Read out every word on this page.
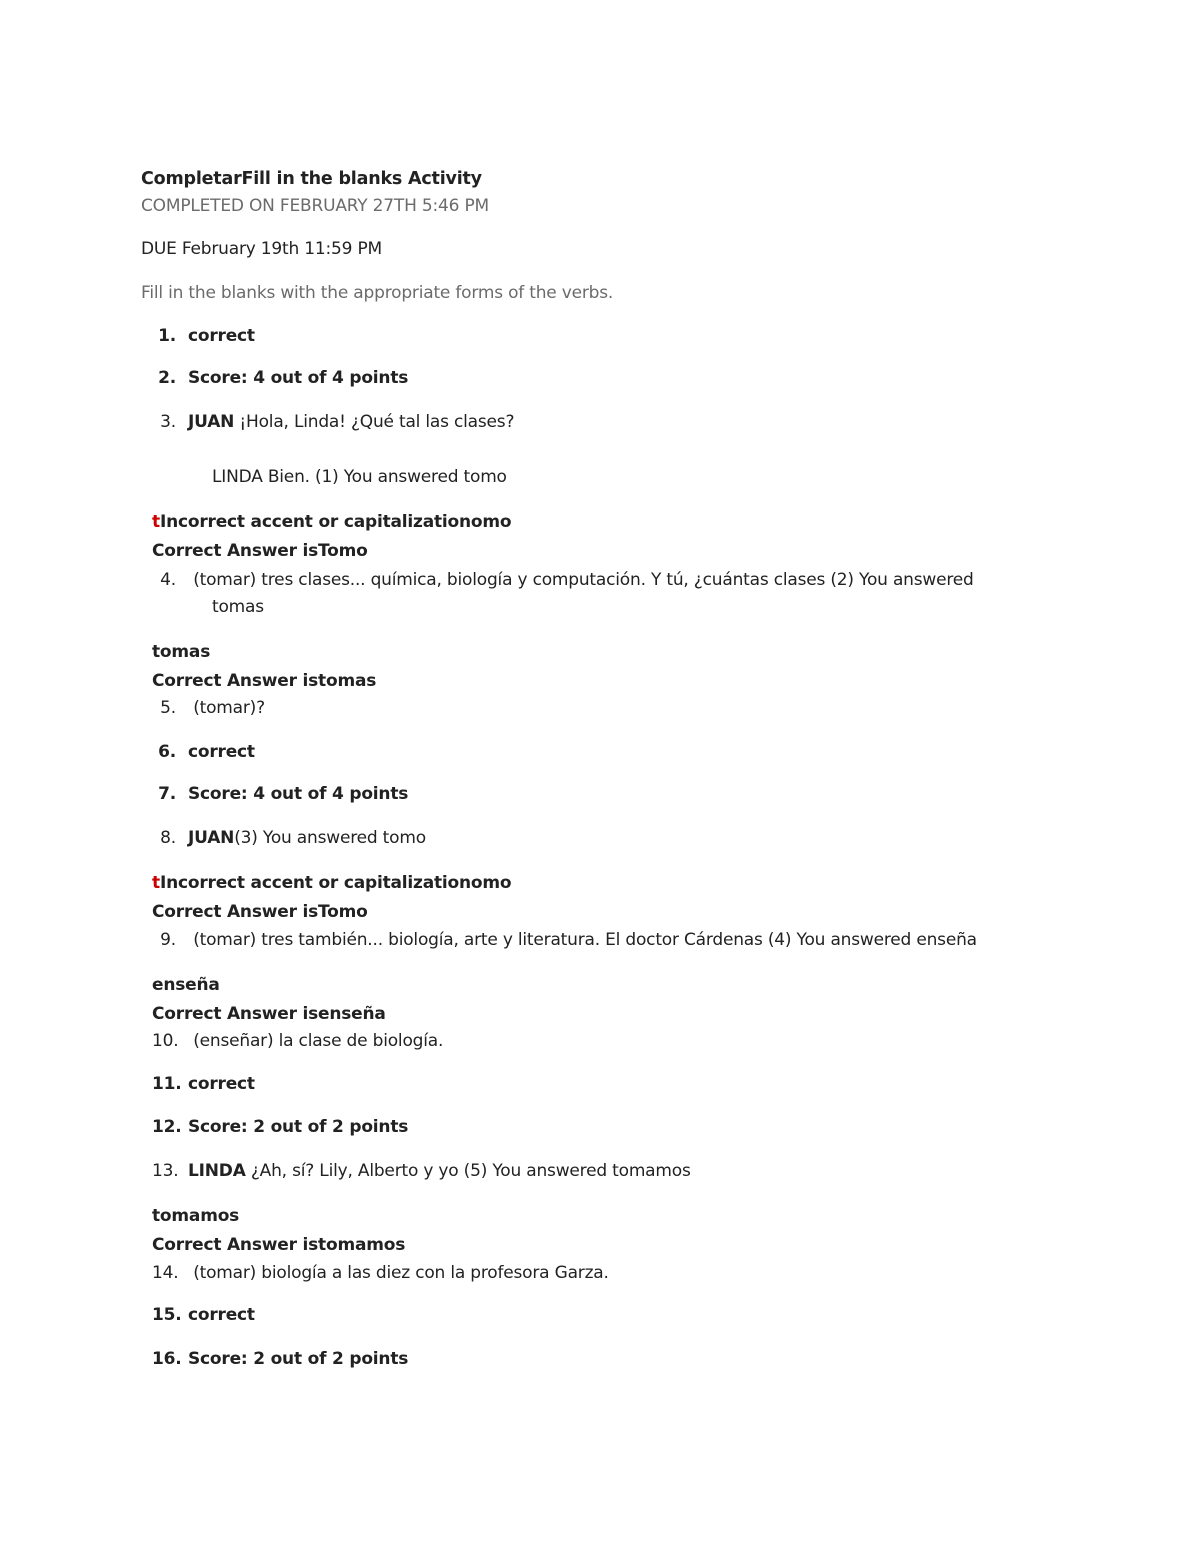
CompletarFill in the blanks Activity
COMPLETED ON FEBRUARY 27TH 5:46 PM
DUE February 19th 11:59 PM
Fill in the blanks with the appropriate forms of the verbs.
1. correct
2. Score: 4 out of 4 points
3. JUAN ¡Hola, Linda! ¿Qué tal las clases?
LINDA Bien. (1) You answered tomo
tIncorrect accent or capitalizationomo
Correct Answer isTomo
4. (tomar) tres clases... química, biología y computación. Y tú, ¿cuántas clases (2) You answered
tomas
tomas
Correct Answer istomas
5. (tomar)?
6. correct
7. Score: 4 out of 4 points
8. JUAN(3) You answered tomo
tIncorrect accent or capitalizationomo
Correct Answer isTomo
9. (tomar) tres también... biología, arte y literatura. El doctor Cárdenas (4) You answered enseña
enseña
Correct Answer isenseña
10. (enseñar) la clase de biología.
11. correct
12. Score: 2 out of 2 points
13. LINDA ¿Ah, sí? Lily, Alberto y yo (5) You answered tomamos
tomamos
Correct Answer istomamos
14. (tomar) biología a las diez con la profesora Garza.
15. correct
16. Score: 2 out of 2 points
